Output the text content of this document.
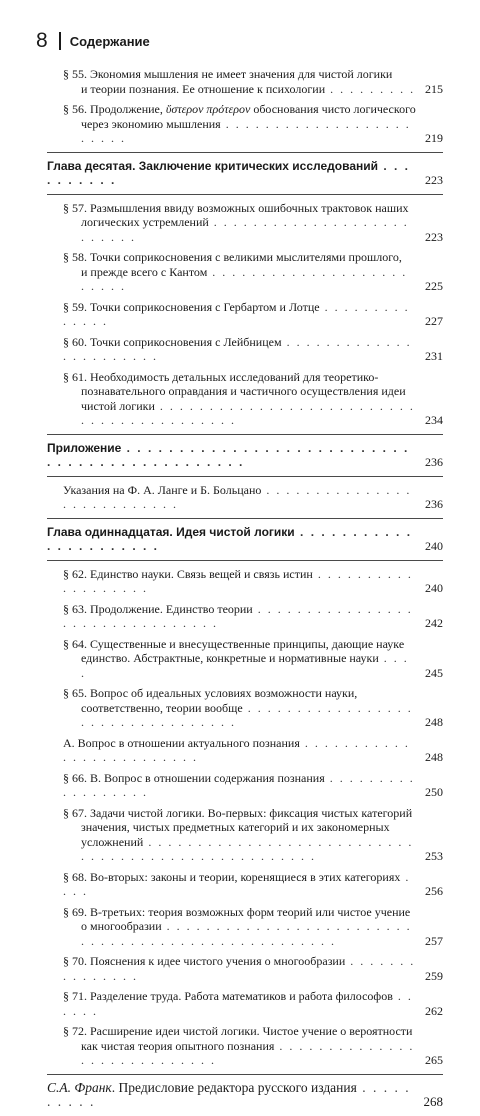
8 Содержание
§ 55. Экономия мышления не имеет значения для чистой логики
и теории познания. Ее отношение к психологии . . . . . . . . . 215
§ 56. Продолжение, ὕστερον πρότερον обоснования чисто логического
через экономию мышления . . . . . . . . . . . . . . . . . . . . . . . .	219
Глава десятая. Заключение критических исследований . . . . . . . . . .	223
§ 57. Размышления ввиду возможных ошибочных трактовок наших
логических устремлений . . . . . . . . . . . . . . . . . . . . . . . . . .	223
§ 58. Точки соприкосновения с великими мыслителями прошлого,
и прежде всего с Кантом . . . . . . . . . . . . . . . . . . . . . . . . .	225
§ 59. Точки соприкосновения с Гербартом и Лотце . . . . . . . . . . . . . .	227
§ 60. Точки соприкосновения с Лейбницем . . . . . . . . . . . . . . . . . . . . . . .	231
§ 61. Необходимость детальных исследований для теоретико-
познавательного оправдания и частичного осуществления идеи
чистой логики . . . . . . . . . . . . . . . . . . . . . . . . . . . . . . . . . . . . . . . . . .	234
Приложение . . . . . . . . . . . . . . . . . . . . . . . . . . . . . . . . . . . . . . . . . . . . . .	236
Указания на Ф. А. Ланге и Б. Больцано . . . . . . . . . . . . . . . . . . . . . . . . . . .	236
Глава одиннадцатая. Идея чистой логики . . . . . . . . . . . . . . . . . . . . . .	240
§ 62. Единство науки. Связь вещей и связь истин . . . . . . . . . . . . . . . . . . .	240
§ 63. Продолжение. Единство теории . . . . . . . . . . . . . . . . . . . . . . . . . . . . . . . .	242
§ 64. Существенные и внесущественные принципы, дающие науке
единство. Абстрактные, конкретные и нормативные науки . . . .	245
§ 65. Вопрос об идеальных условиях возможности науки,
соответственно, теории вообще . . . . . . . . . . . . . . . . . . . . . . . . . . . . . . . . .	248
A. Вопрос в отношении актуального познания . . . . . . . . . . . . . . . . . . . . . . . . .	248
§ 66. B. Вопрос в отношении содержания познания . . . . . . . . . . . . . . . . . .	250
§ 67. Задачи чистой логики. Во-первых: фиксация чистых категорий
значения, чистых предметных категорий и их закономерных
усложнений . . . . . . . . . . . . . . . . . . . . . . . . . . . . . . . . . . . . . . . . . . . . . . . . . . .	253
§ 68. Во-вторых: законы и теории, коренящиеся в этих категориях . . . .	256
§ 69. В-третьих: теория возможных форм теорий или чистое учение
о многообразии . . . . . . . . . . . . . . . . . . . . . . . . . . . . . . . . . . . . . . . . . . . . . . . . . . .	257
§ 70. Пояснения к идее чистого учения о многообразии . . . . . . . . . . . . . . .	259
§ 71. Разделение труда. Работа математиков и работа философов . . . . . .	262
§ 72. Расширение идеи чистой логики. Чистое учение о вероятности
как чистая теория опытного познания . . . . . . . . . . . . . . . . . . . . . . . . . . . .	265
С.А. Франк. Предисловие редактора русского издания . . . . . . . . . .	268
